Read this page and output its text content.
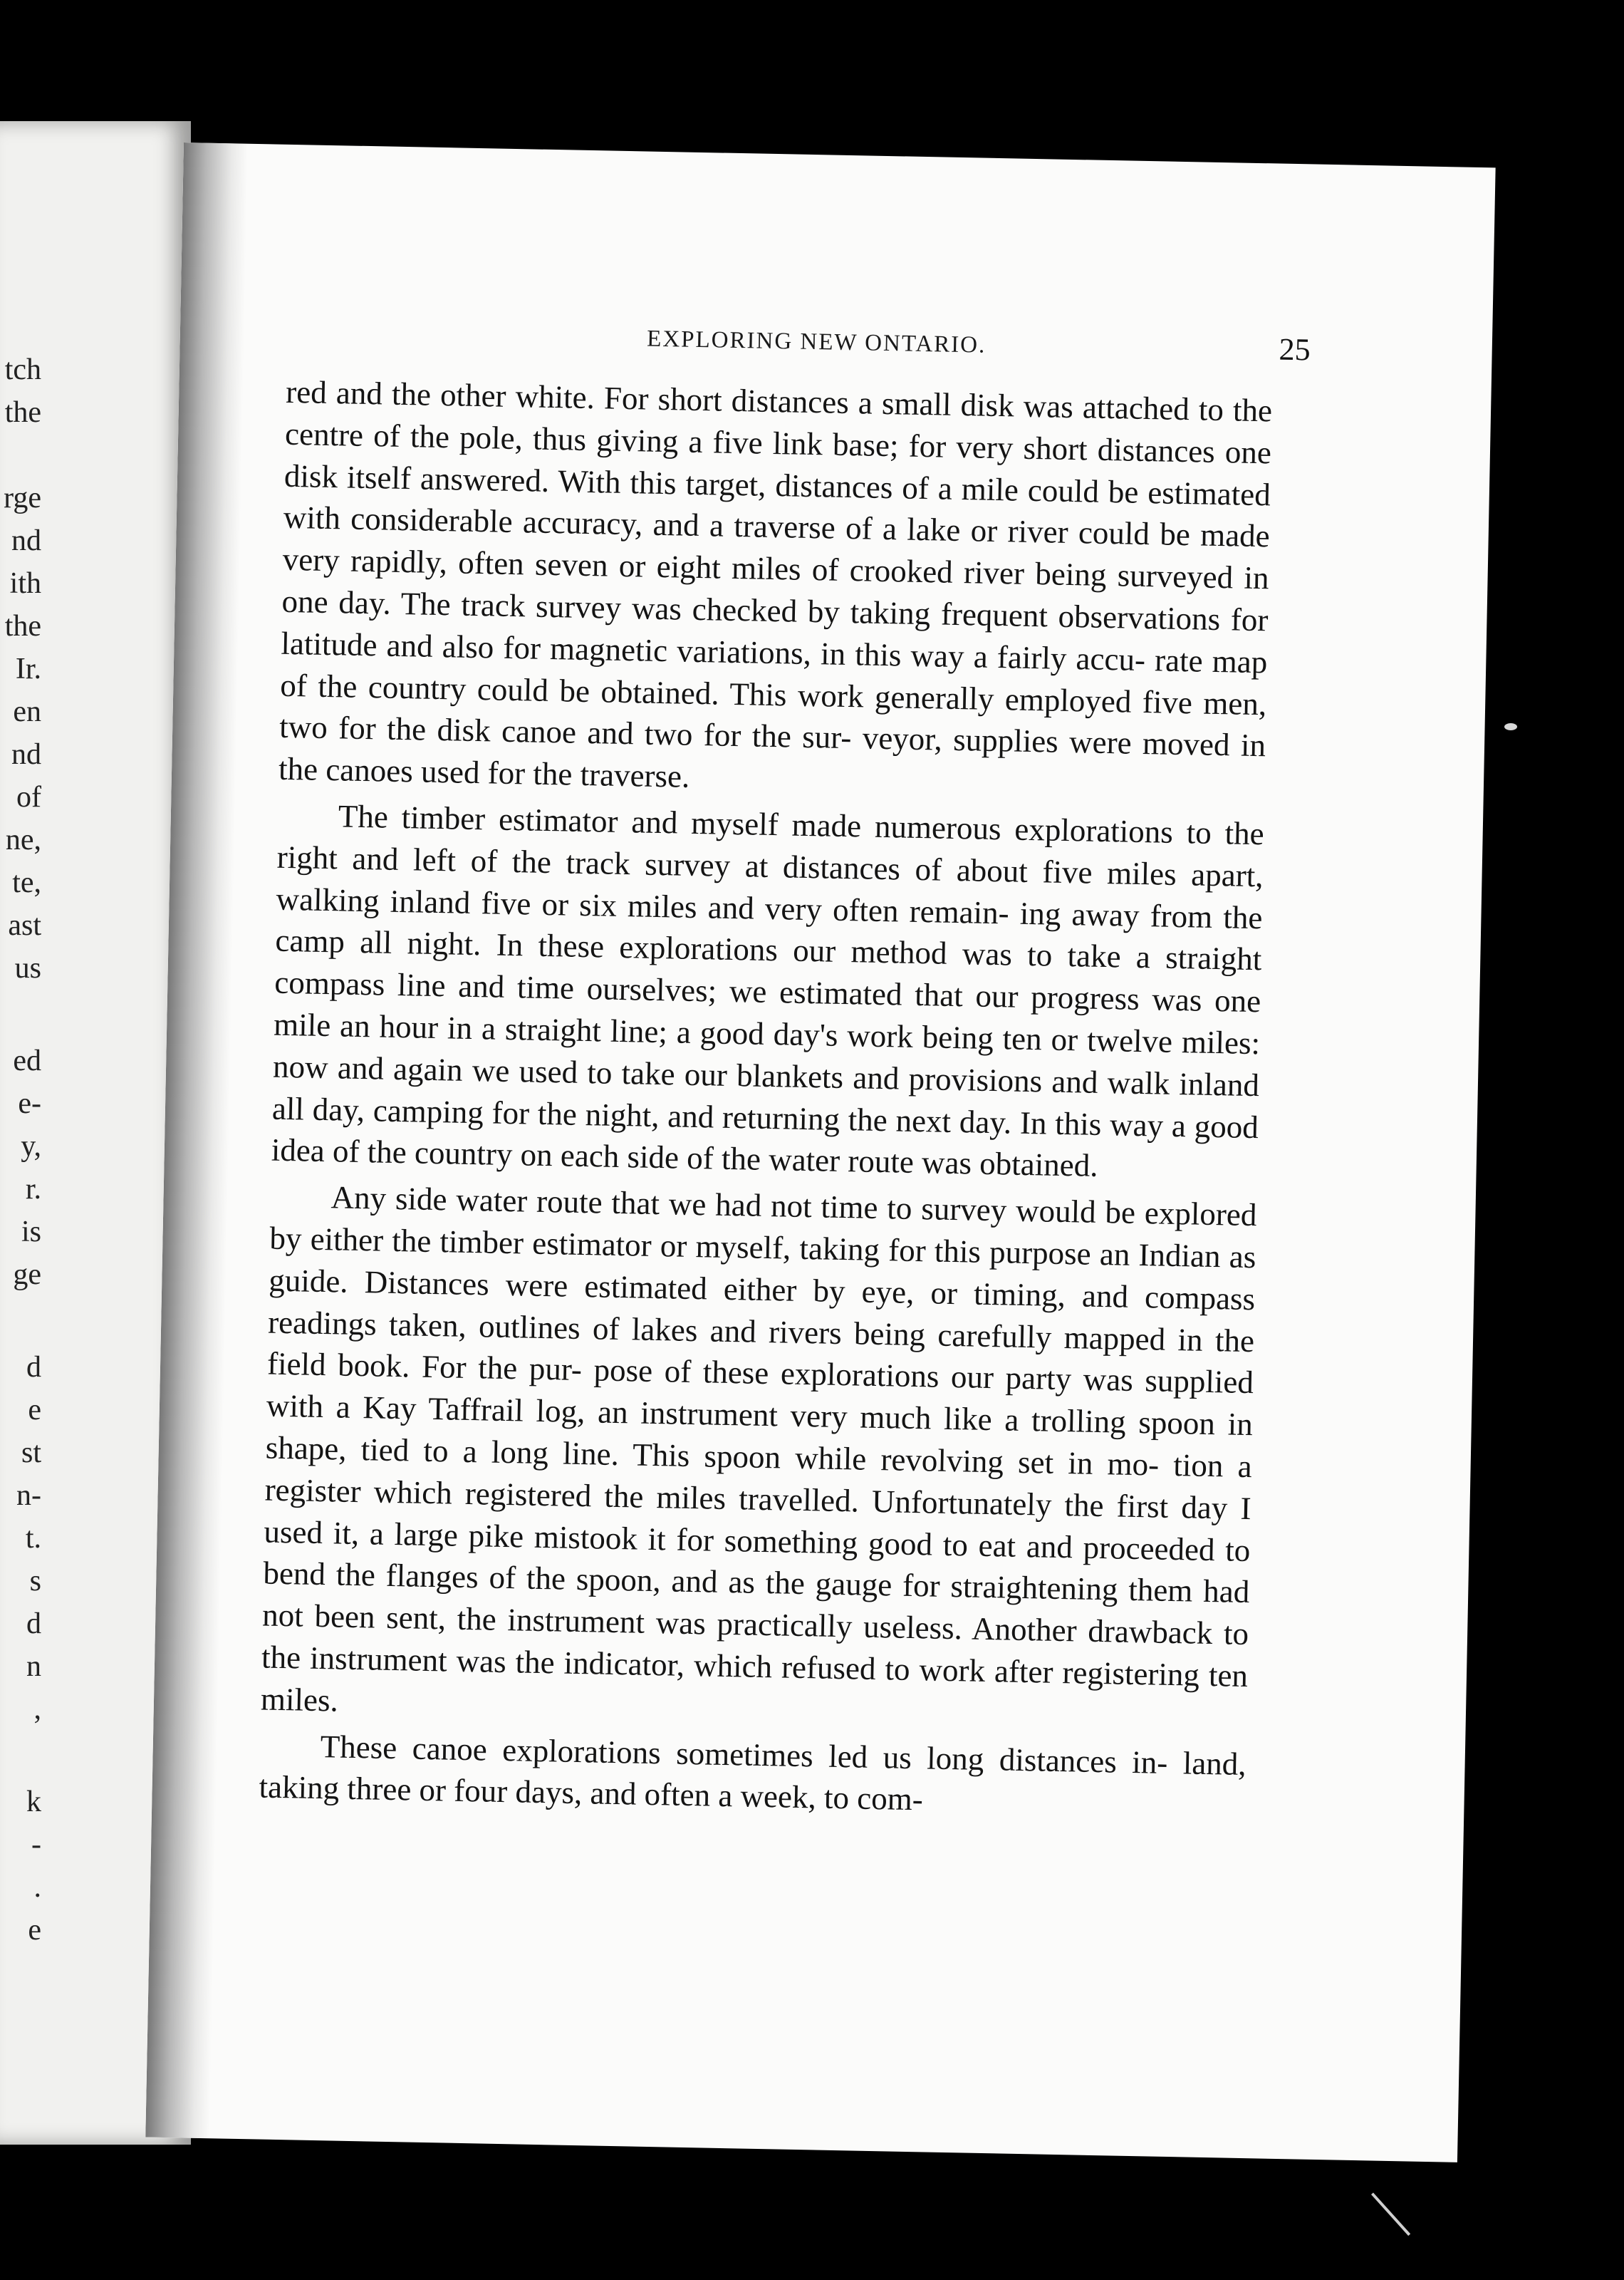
tch
the
rge
nd
ith
the
Ir.
en
nd
of
ne,
te,
ast
us
ed
e-
y,
r.
is
ge
d
e
st
n-
t.
s
d
n
,
k
-
.
e
EXPLORING NEW ONTARIO.	25

red and the other white. For short distances a small disk was attached to the centre of the pole, thus giving a five link base; for very short distances one disk itself answered. With this target, distances of a mile could be estimated with considerable accuracy, and a traverse of a lake or river could be made very rapidly, often seven or eight miles of crooked river being surveyed in one day. The track survey was checked by taking frequent observations for latitude and also for magnetic variations, in this way a fairly accu- rate map of the country could be obtained. This work generally employed five men, two for the disk canoe and two for the sur- veyor, supplies were moved in the canoes used for the traverse.

The timber estimator and myself made numerous explorations to the right and left of the track survey at distances of about five miles apart, walking inland five or six miles and very often remain- ing away from the camp all night. In these explorations our method was to take a straight compass line and time ourselves; we estimated that our progress was one mile an hour in a straight line; a good day's work being ten or twelve miles: now and again we used to take our blankets and provisions and walk inland all day, camping for the night, and returning the next day. In this way a good idea of the country on each side of the water route was obtained.

Any side water route that we had not time to survey would be explored by either the timber estimator or myself, taking for this purpose an Indian as guide. Distances were estimated either by eye, or timing, and compass readings taken, outlines of lakes and rivers being carefully mapped in the field book. For the pur- pose of these explorations our party was supplied with a Kay Taffrail log, an instrument very much like a trolling spoon in shape, tied to a long line. This spoon while revolving set in mo- tion a register which registered the miles travelled. Unfortunately the first day I used it, a large pike mistook it for something good to eat and proceeded to bend the flanges of the spoon, and as the gauge for straightening them had not been sent, the instrument was practically useless. Another drawback to the instrument was the indicator, which refused to work after registering ten miles.

These canoe explorations sometimes led us long distances in- land, taking three or four days, and often a week, to com-
